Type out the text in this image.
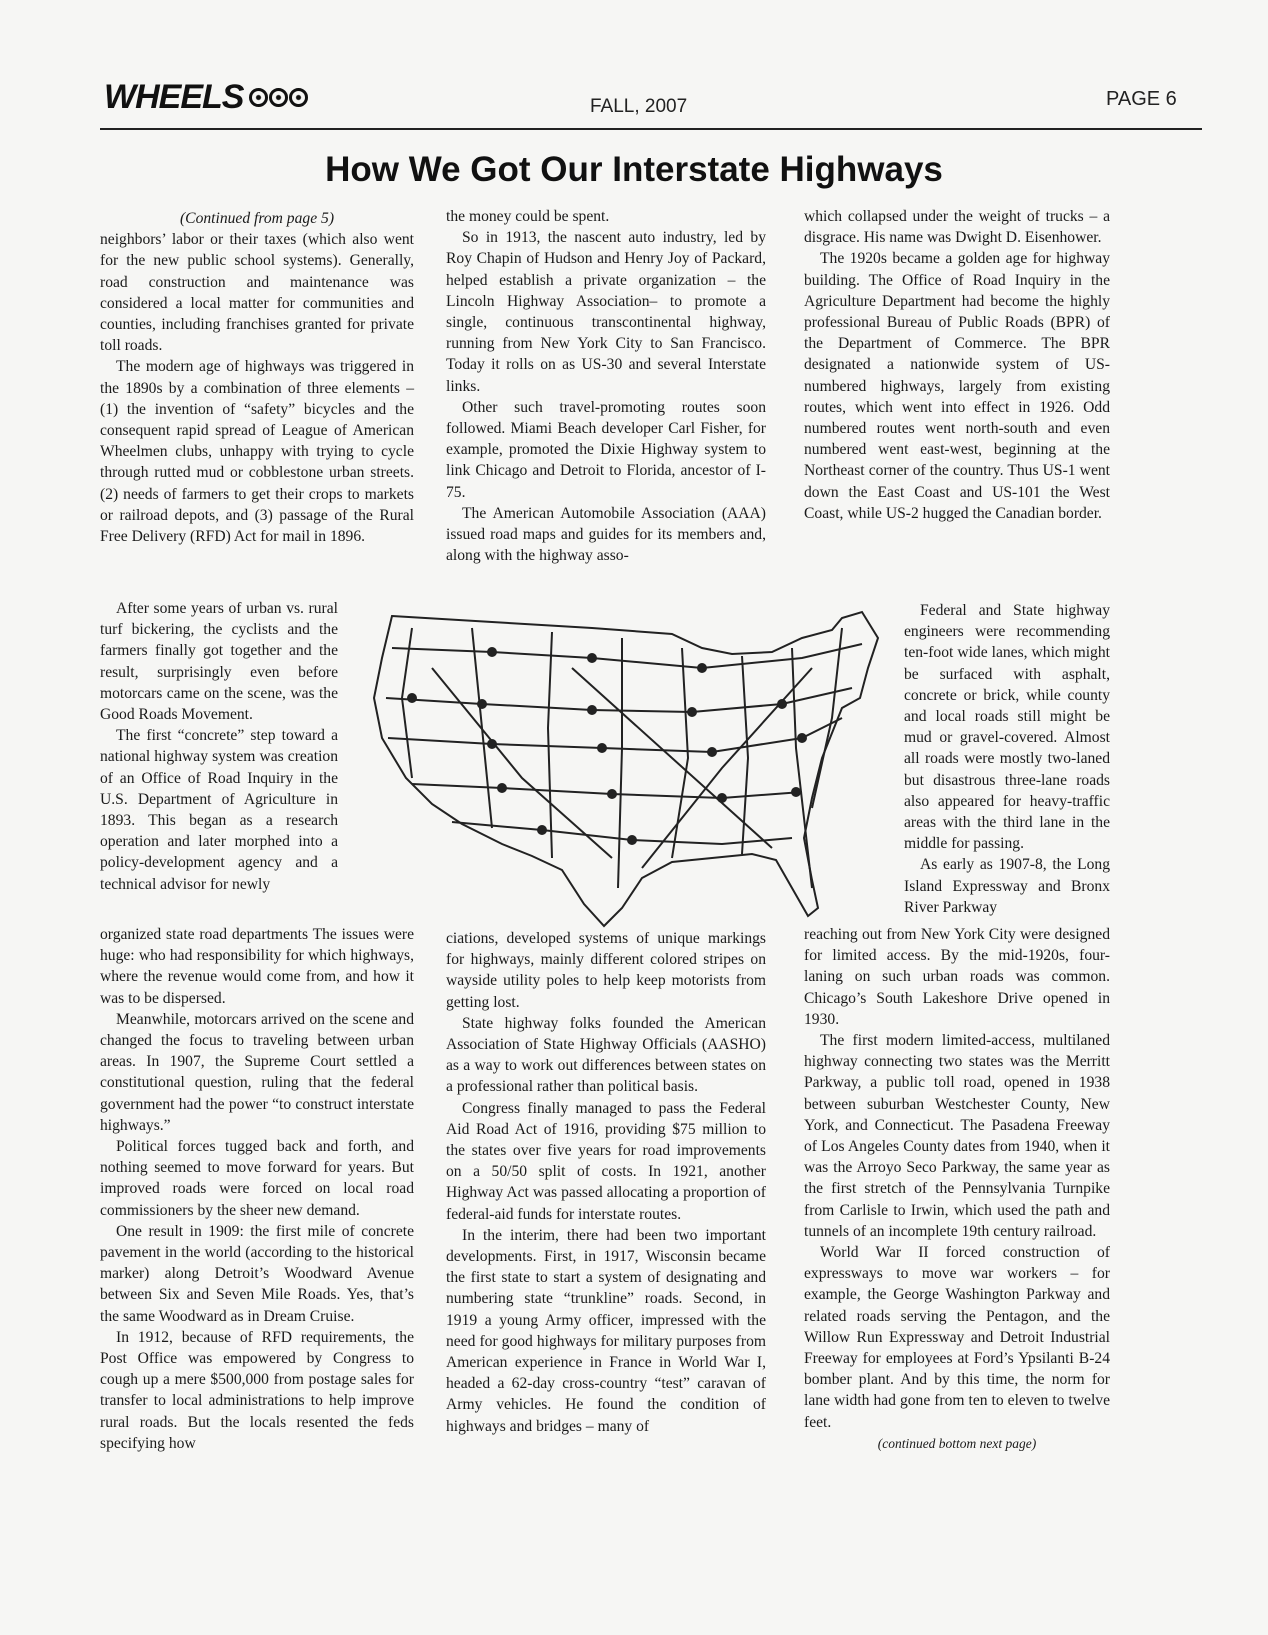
WHEELS	FALL, 2007	PAGE 6
How We Got Our Interstate Highways

(Continued from page 5)

neighbors’ labor or their taxes (which also went for the new public school systems). Generally, road construction and maintenance was considered a local matter for communities and counties, including franchises granted for private toll roads.

The modern age of highways was triggered in the 1890s by a combination of three elements – (1) the invention of “safety” bicycles and the consequent rapid spread of League of American Wheelmen clubs, unhappy with trying to cycle through rutted mud or cobblestone urban streets. (2) needs of farmers to get their crops to markets or railroad depots, and (3) passage of the Rural Free Delivery (RFD) Act for mail in 1896.

After some years of urban vs. rural turf bickering, the cyclists and the farmers finally got together and the result, surprisingly even before motorcars came on the scene, was the Good Roads Movement.

The first “concrete” step toward a national highway system was creation of an Office of Road Inquiry in the U.S. Department of Agriculture in 1893. This began as a research operation and later morphed into a policy-development agency and a technical advisor for newly

organized state road departments The issues were huge: who had responsibility for which highways, where the revenue would come from, and how it was to be dispersed.

Meanwhile, motorcars arrived on the scene and changed the focus to traveling between urban areas. In 1907, the Supreme Court settled a constitutional question, ruling that the federal government had the power “to construct interstate highways.”

Political forces tugged back and forth, and nothing seemed to move forward for years. But improved roads were forced on local road commissioners by the sheer new demand.

One result in 1909: the first mile of concrete pavement in the world (according to the historical marker) along Detroit’s Woodward Avenue between Six and Seven Mile Roads. Yes, that’s the same Woodward as in Dream Cruise.

In 1912, because of RFD requirements, the Post Office was empowered by Congress to cough up a mere $500,000 from postage sales for transfer to local administrations to help improve rural roads. But the locals resented the feds specifying how

the money could be spent.

So in 1913, the nascent auto industry, led by Roy Chapin of Hudson and Henry Joy of Packard, helped establish a private organization – the Lincoln Highway Association– to promote a single, continuous transcontinental highway, running from New York City to San Francisco. Today it rolls on as US-30 and several Interstate links.

Other such travel-promoting routes soon followed. Miami Beach developer Carl Fisher, for example, promoted the Dixie Highway system to link Chicago and Detroit to Florida, ancestor of I-75.

The American Automobile Association (AAA) issued road maps and guides for its members and, along with the highway asso-

ciations, developed systems of unique markings for highways, mainly different colored stripes on wayside utility poles to help keep motorists from getting lost.

State highway folks founded the American Association of State Highway Officials (AASHO) as a way to work out differences between states on a professional rather than political basis.

Congress finally managed to pass the Federal Aid Road Act of 1916, providing $75 million to the states over five years for road improvements on a 50/50 split of costs. In 1921, another Highway Act was passed allocating a proportion of federal-aid funds for interstate routes.

In the interim, there had been two important developments. First, in 1917, Wisconsin became the first state to start a system of designating and numbering state “trunkline” roads. Second, in 1919 a young Army officer, impressed with the need for good highways for military purposes from American experience in France in World War I, headed a 62-day cross-country “test” caravan of Army vehicles. He found the condition of highways and bridges – many of

which collapsed under the weight of trucks – a disgrace. His name was Dwight D. Eisenhower.

The 1920s became a golden age for highway building. The Office of Road Inquiry in the Agriculture Department had become the highly professional Bureau of Public Roads (BPR) of the Department of Commerce. The BPR designated a nationwide system of US-numbered highways, largely from existing routes, which went into effect in 1926. Odd numbered routes went north-south and even numbered went east-west, beginning at the Northeast corner of the country. Thus US-1 went down the East Coast and US-101 the West Coast, while US-2 hugged the Canadian border.

Federal and State highway engineers were recommending ten-foot wide lanes, which might be surfaced with asphalt, concrete or brick, while county and local roads still might be mud or gravel-covered. Almost all roads were mostly two-laned but disastrous three-lane roads also appeared for heavy-traffic areas with the third lane in the middle for passing.

As early as 1907-8, the Long Island Expressway and Bronx River Parkway

reaching out from New York City were designed for limited access. By the mid-1920s, four-laning on such urban roads was common. Chicago’s South Lakeshore Drive opened in 1930.

The first modern limited-access, multilaned highway connecting two states was the Merritt Parkway, a public toll road, opened in 1938 between suburban Westchester County, New York, and Connecticut. The Pasadena Freeway of Los Angeles County dates from 1940, when it was the Arroyo Seco Parkway, the same year as the first stretch of the Pennsylvania Turnpike from Carlisle to Irwin, which used the path and tunnels of an incomplete 19th century railroad.

World War II forced construction of expressways to move war workers – for example, the George Washington Parkway and related roads serving the Pentagon, and the Willow Run Expressway and Detroit Industrial Freeway for employees at Ford’s Ypsilanti B-24 bomber plant. And by this time, the norm for lane width had gone from ten to eleven to twelve feet.

(continued bottom next page)
